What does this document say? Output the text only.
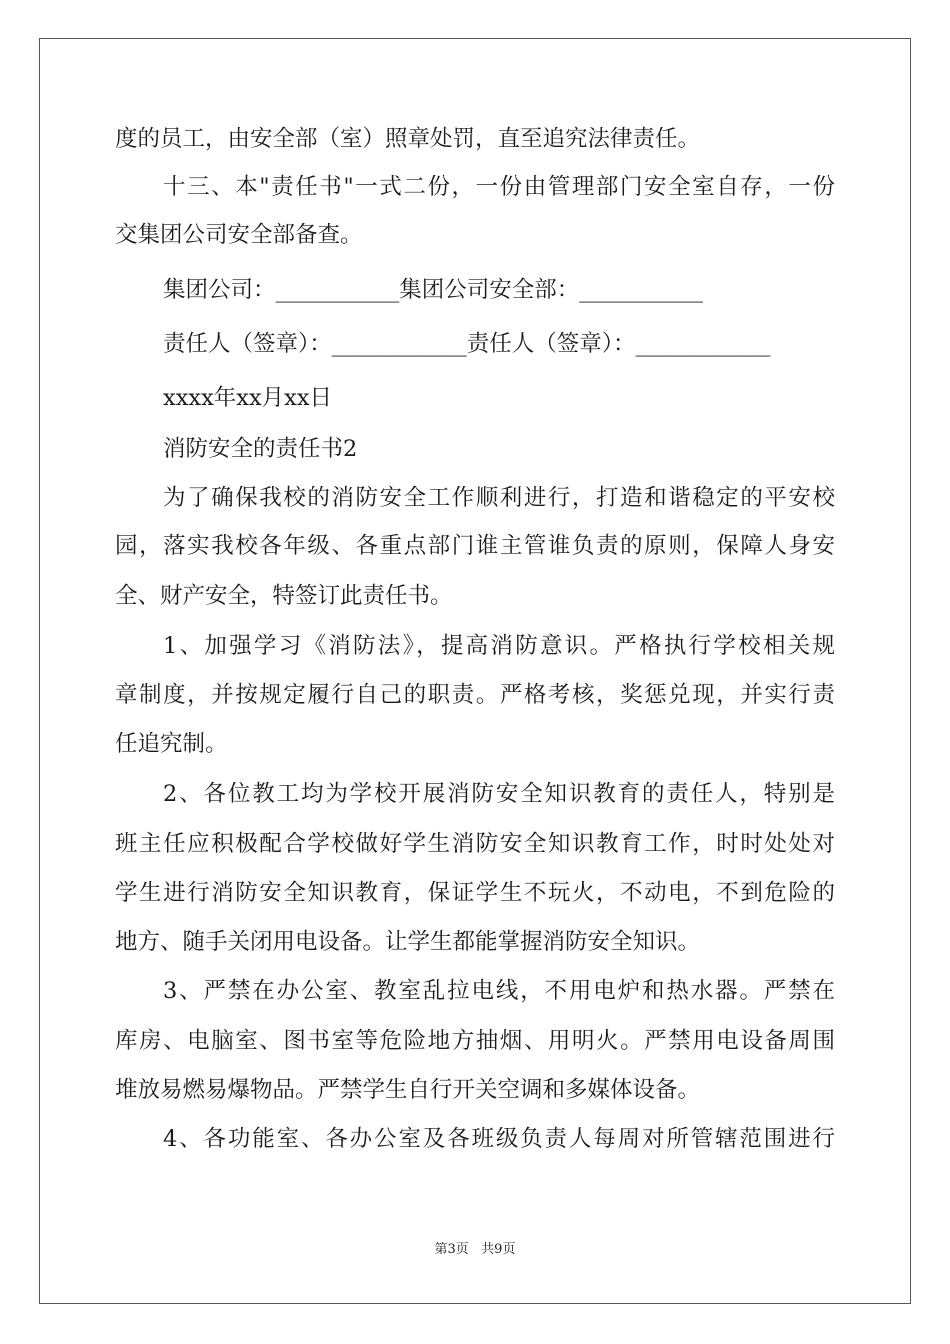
度的员工，由安全部（室）照章处罚，直至追究法律责任。
十三、本"责任书"一式二份，一份由管理部门安全室自存，一份
交集团公司安全部备查。
集团公司：___________集团公司安全部：___________
责任人（签章）：____________责任人（签章）：____________
xxxx年xx月xx日
消防安全的责任书2
为了确保我校的消防安全工作顺利进行，打造和谐稳定的平安校
园，落实我校各年级、各重点部门谁主管谁负责的原则，保障人身安
全、财产安全，特签订此责任书。
1、加强学习《消防法》，提高消防意识。严格执行学校相关规
章制度，并按规定履行自己的职责。严格考核，奖惩兑现，并实行责
任追究制。
2、各位教工均为学校开展消防安全知识教育的责任人，特别是
班主任应积极配合学校做好学生消防安全知识教育工作，时时处处对
学生进行消防安全知识教育，保证学生不玩火，不动电，不到危险的
地方、随手关闭用电设备。让学生都能掌握消防安全知识。
3、严禁在办公室、教室乱拉电线，不用电炉和热水器。严禁在
库房、电脑室、图书室等危险地方抽烟、用明火。严禁用电设备周围
堆放易燃易爆物品。严禁学生自行开关空调和多媒体设备。
4、各功能室、各办公室及各班级负责人每周对所管辖范围进行
第3页   共9页
